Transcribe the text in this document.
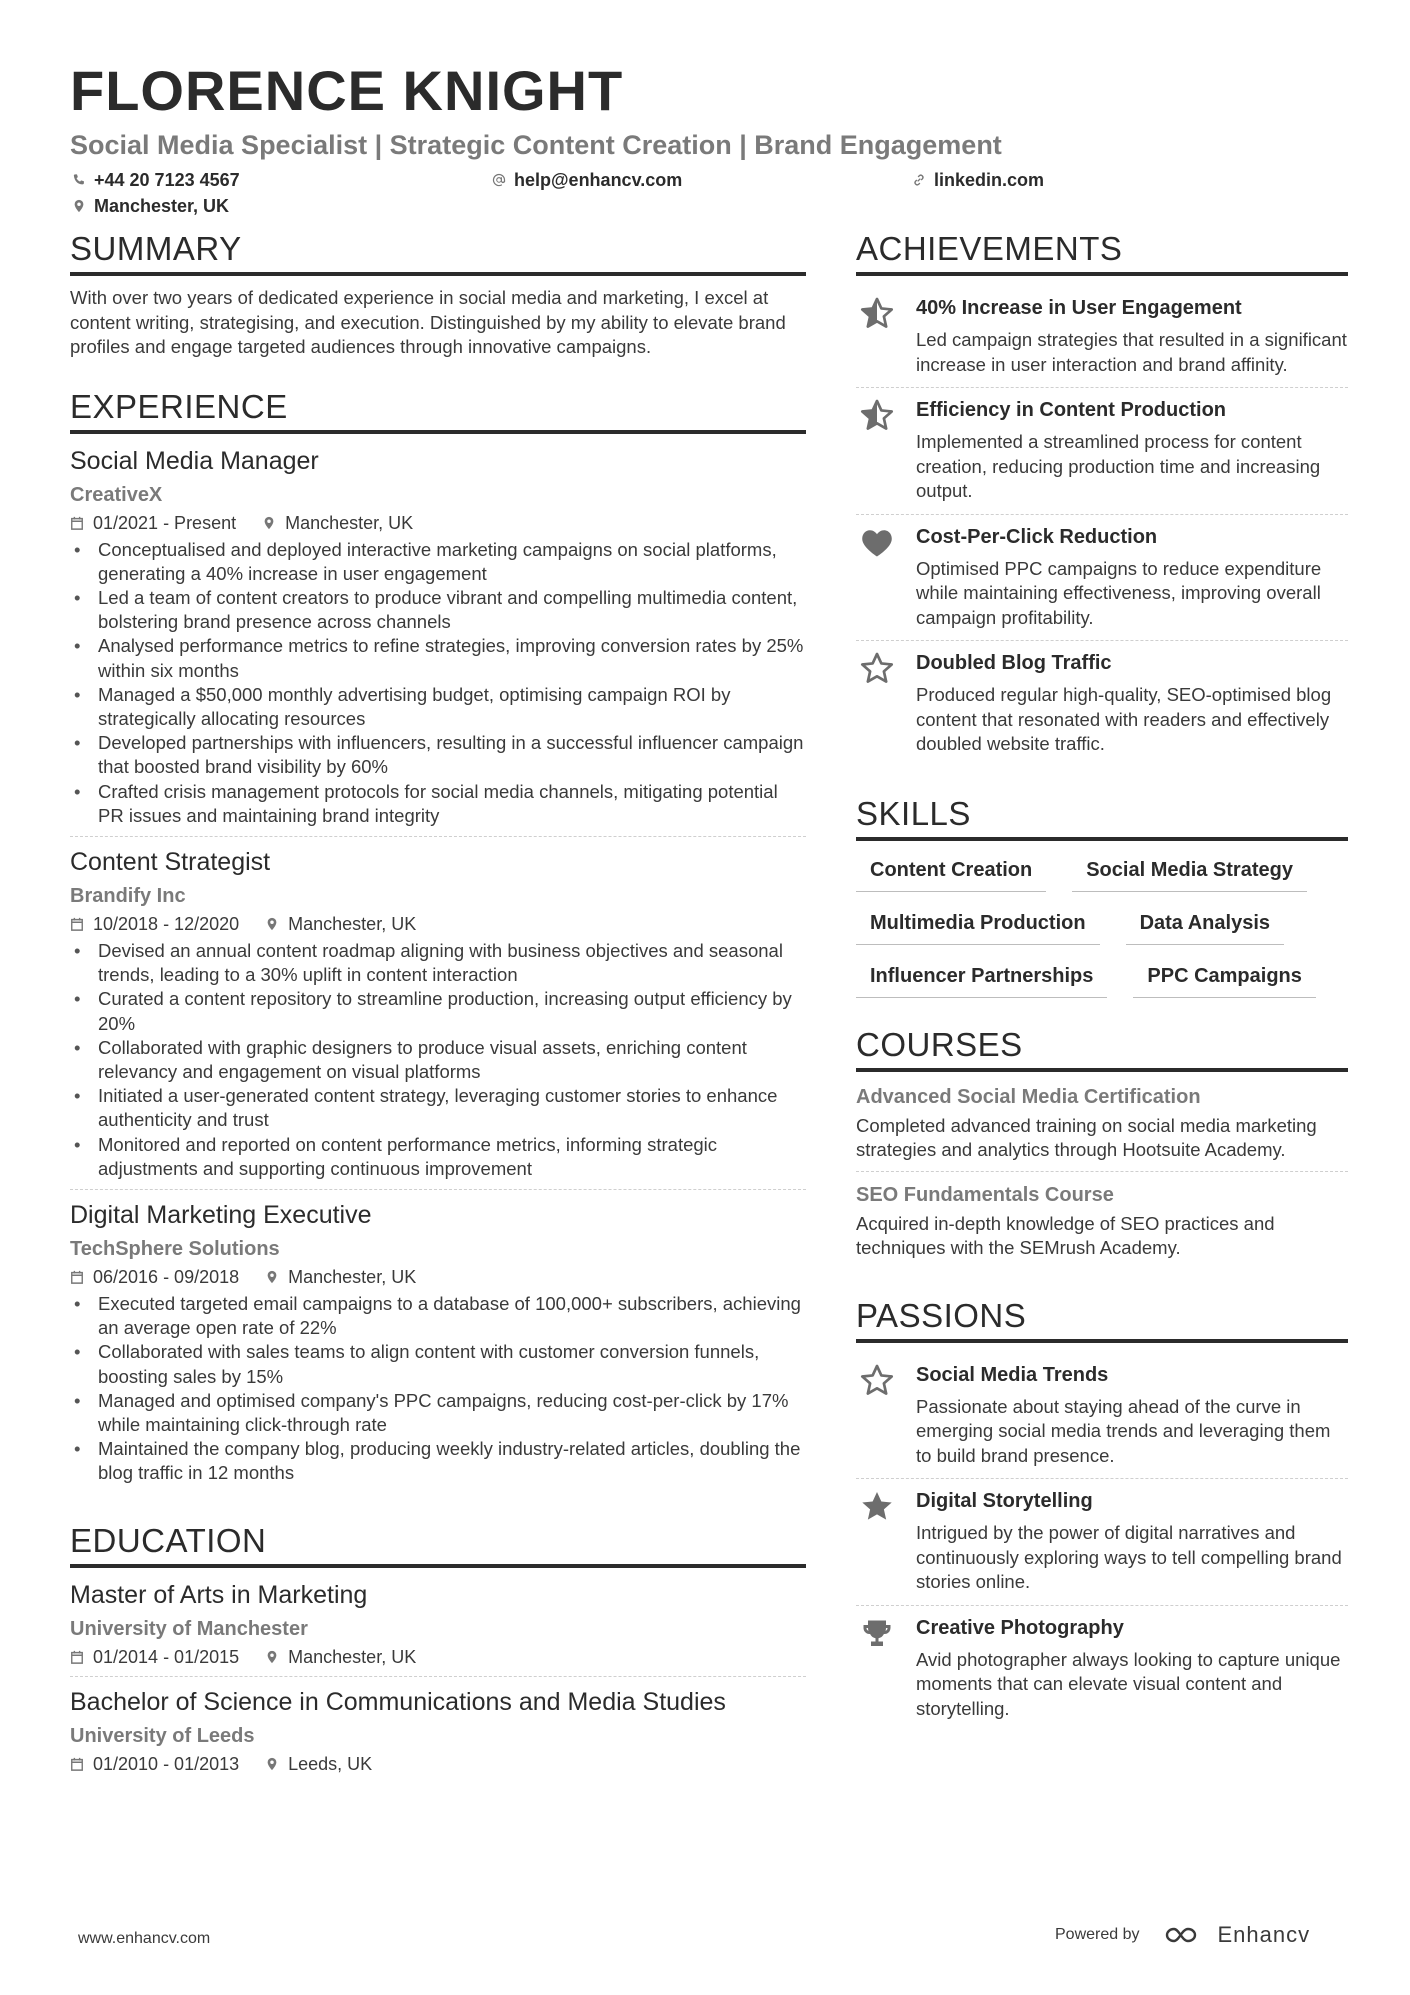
FLORENCE KNIGHT
Social Media Specialist | Strategic Content Creation | Brand Engagement
+44 20 7123 4567	help@enhancv.com	linkedin.com
Manchester, UK
SUMMARY
With over two years of dedicated experience in social media and marketing, I excel at content writing, strategising, and execution. Distinguished by my ability to elevate brand profiles and engage targeted audiences through innovative campaigns.
EXPERIENCE
Social Media Manager
CreativeX
01/2021 - Present	Manchester, UK
• Conceptualised and deployed interactive marketing campaigns on social platforms, generating a 40% increase in user engagement
• Led a team of content creators to produce vibrant and compelling multimedia content, bolstering brand presence across channels
• Analysed performance metrics to refine strategies, improving conversion rates by 25% within six months
• Managed a $50,000 monthly advertising budget, optimising campaign ROI by strategically allocating resources
• Developed partnerships with influencers, resulting in a successful influencer campaign that boosted brand visibility by 60%
• Crafted crisis management protocols for social media channels, mitigating potential PR issues and maintaining brand integrity
Content Strategist
Brandify Inc
10/2018 - 12/2020	Manchester, UK
• Devised an annual content roadmap aligning with business objectives and seasonal trends, leading to a 30% uplift in content interaction
• Curated a content repository to streamline production, increasing output efficiency by 20%
• Collaborated with graphic designers to produce visual assets, enriching content relevancy and engagement on visual platforms
• Initiated a user-generated content strategy, leveraging customer stories to enhance authenticity and trust
• Monitored and reported on content performance metrics, informing strategic adjustments and supporting continuous improvement
Digital Marketing Executive
TechSphere Solutions
06/2016 - 09/2018	Manchester, UK
• Executed targeted email campaigns to a database of 100,000+ subscribers, achieving an average open rate of 22%
• Collaborated with sales teams to align content with customer conversion funnels, boosting sales by 15%
• Managed and optimised company's PPC campaigns, reducing cost-per-click by 17% while maintaining click-through rate
• Maintained the company blog, producing weekly industry-related articles, doubling the blog traffic in 12 months
EDUCATION
Master of Arts in Marketing
University of Manchester
01/2014 - 01/2015	Manchester, UK
Bachelor of Science in Communications and Media Studies
University of Leeds
01/2010 - 01/2013	Leeds, UK
ACHIEVEMENTS
40% Increase in User Engagement
Led campaign strategies that resulted in a significant increase in user interaction and brand affinity.
Efficiency in Content Production
Implemented a streamlined process for content creation, reducing production time and increasing output.
Cost-Per-Click Reduction
Optimised PPC campaigns to reduce expenditure while maintaining effectiveness, improving overall campaign profitability.
Doubled Blog Traffic
Produced regular high-quality, SEO-optimised blog content that resonated with readers and effectively doubled website traffic.
SKILLS
Content Creation	Social Media Strategy
Multimedia Production	Data Analysis
Influencer Partnerships	PPC Campaigns
COURSES
Advanced Social Media Certification
Completed advanced training on social media marketing strategies and analytics through Hootsuite Academy.
SEO Fundamentals Course
Acquired in-depth knowledge of SEO practices and techniques with the SEMrush Academy.
PASSIONS
Social Media Trends
Passionate about staying ahead of the curve in emerging social media trends and leveraging them to build brand presence.
Digital Storytelling
Intrigued by the power of digital narratives and continuously exploring ways to tell compelling brand stories online.
Creative Photography
Avid photographer always looking to capture unique moments that can elevate visual content and storytelling.
www.enhancv.com	Powered by	Enhancv
